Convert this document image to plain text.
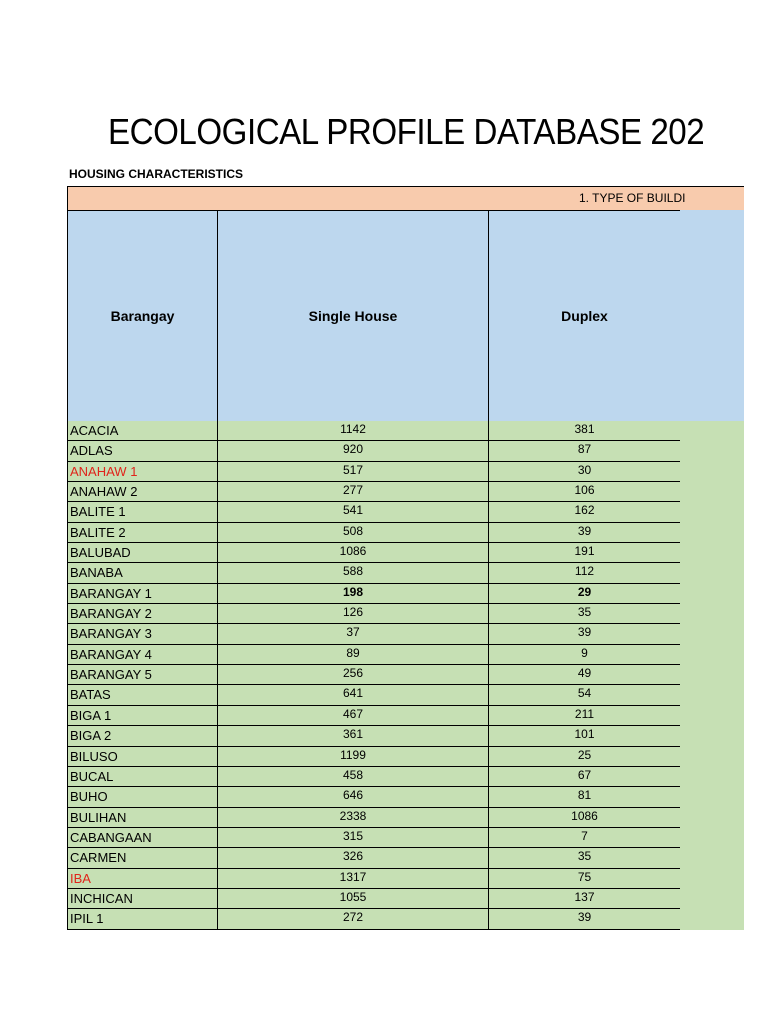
ECOLOGICAL PROFILE DATABASE 202
HOUSING CHARACTERISTICS
1. TYPE OF BUILDI
Barangay	Single House	Duplex
ACACIA	1142	381
ADLAS	920	87
ANAHAW 1	517	30
ANAHAW 2	277	106
BALITE 1	541	162
BALITE 2	508	39
BALUBAD	1086	191
BANABA	588	112
BARANGAY 1	198	29
BARANGAY 2	126	35
BARANGAY 3	37	39
BARANGAY 4	89	9
BARANGAY 5	256	49
BATAS	641	54
BIGA 1	467	211
BIGA 2	361	101
BILUSO	1199	25
BUCAL	458	67
BUHO	646	81
BULIHAN	2338	1086
CABANGAAN	315	7
CARMEN	326	35
IBA	1317	75
INCHICAN	1055	137
IPIL 1	272	39
